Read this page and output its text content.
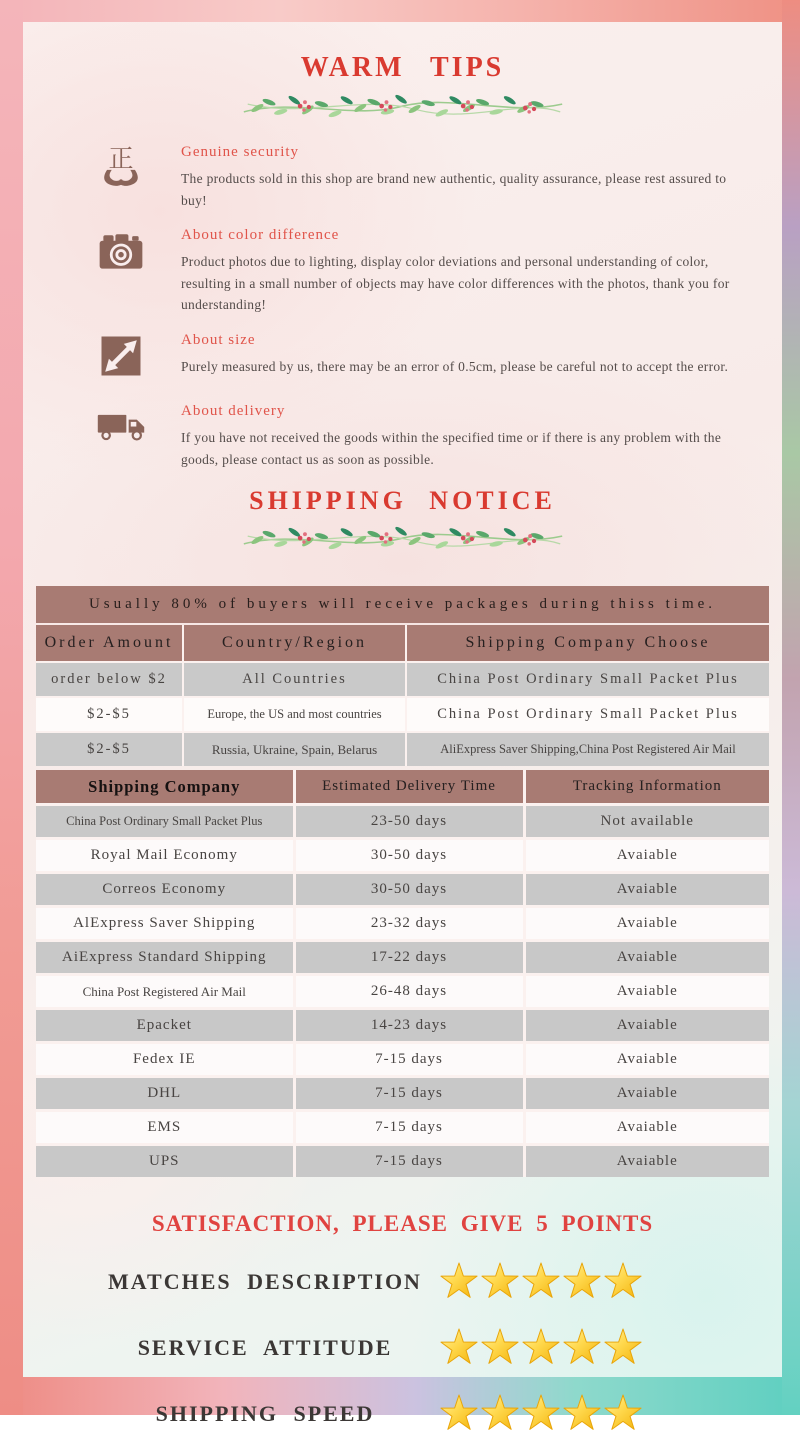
WARM TIPS
正	Genuine security
The products sold in this shop are brand new authentic, quality assurance, please rest assured to buy!
About color difference
Product photos due to lighting, display color deviations and personal understanding of color, resulting in a small number of objects may have color differences with the photos, thank you for understanding!
About size
Purely measured by us, there may be an error of 0.5cm, please be careful not to accept the error.
About delivery
If you have not received the goods within the specified time or if there is any problem with the goods, please contact us as soon as possible.
SHIPPING NOTICE
Usually 80% of buyers will receive packages during thiss time.
Order Amount	Country/Region	Shipping Company Choose
order below $2	All Countries	China Post Ordinary Small Packet Plus
$2-$5	Europe, the US and most countries	China Post Ordinary Small Packet Plus
$2-$5	Russia, Ukraine, Spain, Belarus	AliExpress Saver Shipping,China Post Registered Air Mail
Shipping Company	Estimated Delivery Time	Tracking Information
China Post Ordinary Small Packet Plus	23-50 days	Not available
Royal Mail Economy	30-50 days	Avaiable
Correos Economy	30-50 days	Avaiable
AlExpress Saver Shipping	23-32 days	Avaiable
AiExpress Standard Shipping	17-22 days	Avaiable
China Post Registered Air Mail	26-48 days	Avaiable
Epacket	14-23 days	Avaiable
Fedex IE	7-15 days	Avaiable
DHL	7-15 days	Avaiable
EMS	7-15 days	Avaiable
UPS	7-15 days	Avaiable
SATISFACTION, PLEASE GIVE 5 POINTS
MATCHES DESCRIPTION
SERVICE ATTITUDE
SHIPPING SPEED
